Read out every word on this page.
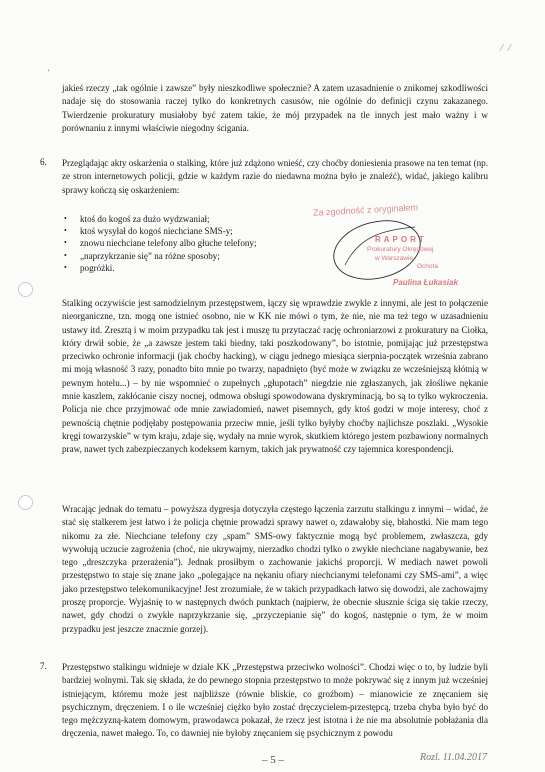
/ /
'

jakieś rzeczy „tak ogólnie i zawsze” były nieszkodliwe społecznie? A zatem uzasadnienie o znikomej szkodliwości nadaje się do stosowania raczej tylko do konkretnych casusów, nie ogólnie do definicji czynu zakazanego. Twierdzenie prokuratury musiałoby być zatem takie, że mój przypadek na tle innych jest mało ważny i w porównaniu z innymi właściwie niegodny ścigania.

6. Przeglądając akty oskarżenia o stalking, które już zdążono wnieść, czy choćby doniesienia prasowe na ten temat (np. ze stron internetowych policji, gdzie w każdym razie do niedawna można było je znaleźć), widać, jakiego kalibru sprawy kończą się oskarżeniem:

• ktoś do kogoś za dużo wydzwaniał;
• ktoś wysyłał do kogoś niechciane SMS-y;
• znowu niechciane telefony albo głuche telefony;
• „naprzykrzanie się” na różne sposoby;
• pogróżki.
Za zgodność z oryginałem
RAPORT
Prokuratury Okręgowej
w Warszawie
Ochota
Paulina Łukasiak

Stalking oczywiście jest samodzielnym przestępstwem, łączy się wprawdzie zwykle z innymi, ale jest to połączenie nieorganiczne, tzn. mogą one istnieć osobno, nie w KK nie mówi o tym, że nie, nie ma też tego w uzasadnieniu ustawy itd. Zresztą i w moim przypadku tak jest i muszę tu przytaczać rację ochroniarzowi z prokuratury na Ciołka, który drwił sobie, że „a zawsze jestem taki biedny, taki poszkodowany”, bo istotnie, pomijając już przestępstwa przeciwko ochronie informacji (jak choćby hacking), w ciągu jednego miesiąca sierpnia-początek września zabrano mi moją własność 3 razy, ponadto bito mnie po twarzy, napadnięto (być może w związku ze wcześniejszą kłótnią w pewnym hotelu...) – by nie wspomnieć o zupełnych „głupotach” niegdzie nie zgłaszanych, jak złośliwe nękanie mnie kaszlem, zakłócanie ciszy nocnej, odmowa obsługi spowodowana dyskryminacją, bo są to tylko wykroczenia. Policja nie chce przyjmować ode mnie zawiadomień, nawet pisemnych, gdy ktoś godzi w moje interesy, choć z pewnością chętnie podjęłaby postępowania przeciw mnie, jeśli tylko byłyby choćby najlichsze poszlaki. „Wysokie kręgi towarzyskie” w tym kraju, zdaje się, wydały na mnie wyrok, skutkiem którego jestem pozbawiony normalnych praw, nawet tych zabezpieczanych kodeksem karnym, takich jak prywatność czy tajemnica korespondencji.

Wracając jednak do tematu – powyższa dygresja dotyczyła częstego łączenia zarzutu stalkingu z innymi – widać, że stać się stalkerem jest łatwo i że policja chętnie prowadzi sprawy nawet o, zdawałoby się, błahostki. Nie mam tego nikomu za złe. Niechciane telefony czy „spam” SMS-owy faktycznie mogą być problemem, zwłaszcza, gdy wywołują uczucie zagrożenia (choć, nie ukrywajmy, nierzadko chodzi tylko o zwykłe niechciane nagabywanie, bez tego „dreszczyka przerażenia”). Jednak prosiłbym o zachowanie jakichś proporcji. W mediach nawet powoli przestępstwo to staje się znane jako „polegające na nękaniu ofiary niechcianymi telefonami czy SMS-ami”, a więc jako przestępstwo telekomunikacyjne! Jest zrozumiałe, że w takich przypadkach łatwo się dowodzi, ale zachowajmy proszę proporcje. Wyjaśnię to w następnych dwóch punktach (najpierw, że obecnie słusznie ściga się takie rzeczy, nawet, gdy chodzi o zwykłe naprzykrzanie się, „przyczepianie się” do kogoś, następnie o tym, że w moim przypadku jest jeszcze znacznie gorzej).

7. Przestępstwo stalkingu widnieje w dziale KK „Przestępstwa przeciwko wolności”. Chodzi więc o to, by ludzie byli bardziej wolnymi. Tak się składa, że do pewnego stopnia przestępstwo to może pokrywać się z innym już wcześniej istniejącym, któremu może jest najbliższe (równie bliskie, co groźbom) – mianowicie ze znęcaniem się psychicznym, dręczeniem. I o ile wcześniej ciężko było zostać dręczycielem-przestępcą, trzeba chyba było być do tego mężczyzną-katem domowym, prawodawca pokazał, że rzecz jest istotna i że nie ma absolutnie pobłażania dla dręczenia, nawet małego. To, co dawniej nie byłoby znęcaniem się psychicznym z powodu

– 5 –	Rozl. 11.04.2017
